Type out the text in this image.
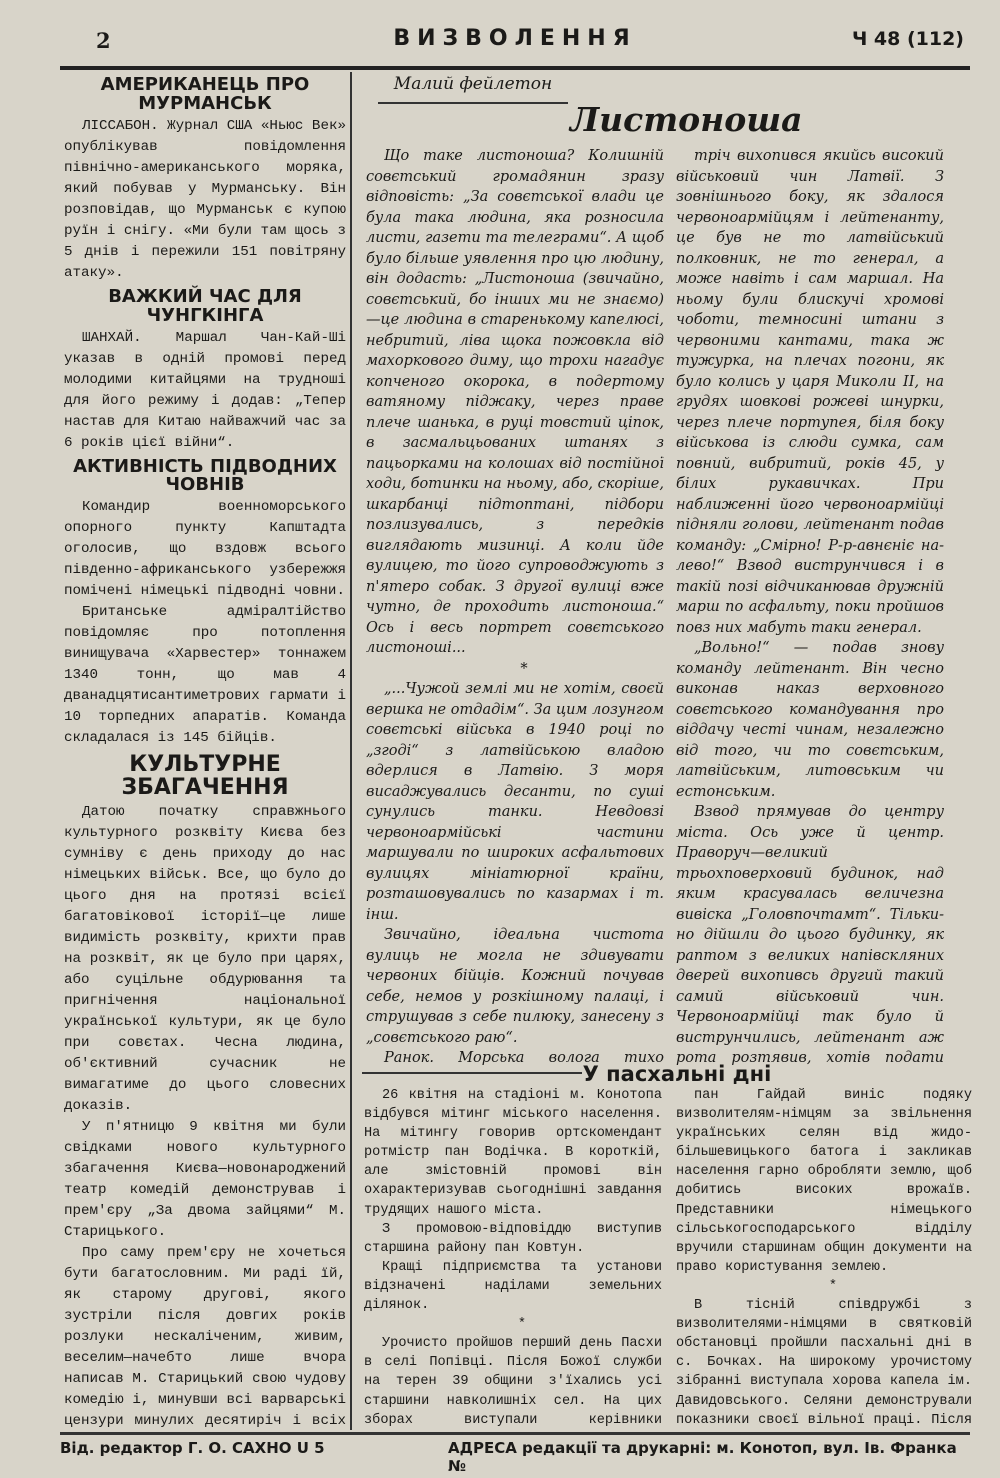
2	ВИЗВОЛЕННЯ	Ч 48 (112)
АМЕРИКАНЕЦЬ ПРО МУРМАНСЬК

ЛІССАБОН. Журнал США «Ньюс Век» опублікував повідомлення північно-американського моряка, який побував у Мурманську. Він розповідав, що Мурманськ є купою руїн і снігу. «Ми були там щось з 5 днів і пережили 151 повітряну атаку».

ВАЖКИЙ ЧАС ДЛЯ ЧУНГКІНГА

ШАНХАЙ. Маршал Чан-Кай-Ші указав в одній промові перед молодими китайцями на трудноші для його режиму і додав: „Тепер настав для Китаю найважчий час за 6 років цієї війни“.

АКТИВНІСТЬ ПІДВОДНИХ ЧОВНІВ

Командир военноморського опорного пункту Капштадта оголосив, що вздовж всього південно-африканського узбережжя помічені німецькі підводні човни.

Британське адміралтійство повідомляє про потоплення винищувача «Харвестер» тоннажем 1340 тонн, що мав 4 дванадцятисантиметрових гармати і 10 торпедних апаратів. Команда складалася із 145 бійців.

КУЛЬТУРНЕ ЗБАГАЧЕННЯ

Датою початку справжнього культурного розквіту Києва без сумніву є день приходу до нас німецьких військ. Все, що було до цього дня на протязі всієї багатовікової історії—це лише видимість розквіту, крихти прав на розквіт, як це було при царях, або суцільне обдурювання та пригнічення національної української культури, як це було при совєтах. Чесна людина, об'єктивний сучасник не вимагатиме до цього словесних доказів.

У п'ятницю 9 квітня ми були свідками нового культурного збагачення Києва—новонароджений театр комедій демонстрував і прем'єру „За двома зайцями“ М. Старицького.

Про саму прем'єру не хочеться бути багатословним. Ми раді їй, як старому другові, якого зустріли після довгих років розлуки нескаліченим, живим, веселим—начебто лише вчора написав М. Старицький свою чудову комедію і, минувши всі варварські цензури минулих десятиріч і всіх

Малий фейлетон
Листоноша

Що таке листоноша? Колишній совєтський громадянин зразу відповість: „За совєтської влади це була така людина, яка розносила листи, газети та телеграми“. А щоб було більше уявлення про цю людину, він додасть: „Листоноша (звичайно, совєтський, бо інших ми не знаємо) —це людина в старенькому капелюсі, небритий, ліва щока пожовкла від махоркового диму, що трохи нагадує копченого окорока, в подертому ватяному піджаку, через праве плече шанька, в руці товстий ціпок, в засмальцьованих штанях з пацьорками на колошах від постійної ходи, ботинки на ньому, або, скоріше, шкарбанці підтоптані, підбори позлизувались, з передків виглядають мизинці. А коли йде вулицею, то його супроводжують з п'ятеро собак. З другої вулиці вже чутно, де проходить листоноша.“ Ось і весь портрет совєтського листоноші...

*

„...Чужой землі ми не хотім, своєй вершка не отдадім“. За цим лозунгом совєтські війська в 1940 році по „згоді“ з латвійською владою вдерлися в Латвію. З моря висаджувались десанти, по суші сунулись танки. Невдовзі червоноармійські частини маршували по широких асфальтових вулицях мініатюрної країни, розташовувались по казармах і т. інш.

Звичайно, ідеальна чистота вулиць не могла не здивувати червоних бійців. Кожний почував себе, немов у розкішному палаці, і струшував з себе пилюку, занесену з „совєтського раю“.

Ранок. Морська волога тихо

тріч вихопився якийсь високий військовий чин Латвії. З зовнішнього боку, як здалося червоноармійцям і лейтенанту, це був не то латвійський полковник, не то генерал, а може навіть і сам маршал. На ньому були блискучі хромові чоботи, темносині штани з червоними кантами, така ж тужурка, на плечах погони, як було колись у царя Миколи ІІ, на грудях шовкові рожеві шнурки, через плече портупея, біля боку військова із слюди сумка, сам повний, вибритий, років 45, у білих рукавичках. При наближенні його червоноармійці підняли голови, лейтенант подав команду: „Смірно! Р-р-авнєніє на-лево!“ Взвод виструнчився і в такій позі відчиканював дружній марш по асфальту, поки пройшов повз них мабуть таки генерал.

„Вольно!“ — подав знову команду лейтенант. Він чесно виконав наказ верховного совєтського командування про віддачу честі чинам, незалежно від того, чи то совєтським, латвійським, литовським чи естонським.

Взвод прямував до центру міста. Ось уже й центр. Праворуч—великий трьохповерховий будинок, над яким красувалась величезна вивіска „Головпочтамт“. Тільки-но дійшли до цього будинку, як раптом з великих напівскляних дверей вихопивсь другий такий самий військовий чин. Червоноармійці так було й виструнчились, лейтенант аж рота розтявив, хотів подати

У пасхальні дні

26 квітня на стадіоні м. Конотопа відбувся мітинг міського населення. На мітингу говорив ортскомендант ротмістр пан Водічка. В короткій, але змістовній промові він охарактеризував сьогоднішні завдання трудящих нашого міста.

З промовою-відповіддю виступив старшина району пан Ковтун.

Кращі підприємства та установи відзначені наділами земельних ділянок.

*

Урочисто пройшов перший день Пасхи в селі Попівці. Після Божої служби на терен 39 общини з'їхались усі старшини навколишніх сел. На цих зборах виступали керівники

пан Гайдай виніс подяку визволителям-німцям за звільнення українських селян від жидо-більшевицького батога і закликав населення гарно обробляти землю, щоб добитись високих врожаїв. Представники німецького сільськогосподарського відділу вручили старшинам общин документи на право користування землею.

*

В тісній співдружбі з визволителями-німцями в святковій обстановці пройшли пасхальні дні в с. Бочках. На широкому урочистому зібранні виступала хорова капела ім. Давидовського. Селяни демонстрували показники своєї вільної праці. Після

Від. редактор Г. О. САХНО U 5	АДРЕСА редакції та друкарні: м. Конотоп, вул. Ів. Франка №
